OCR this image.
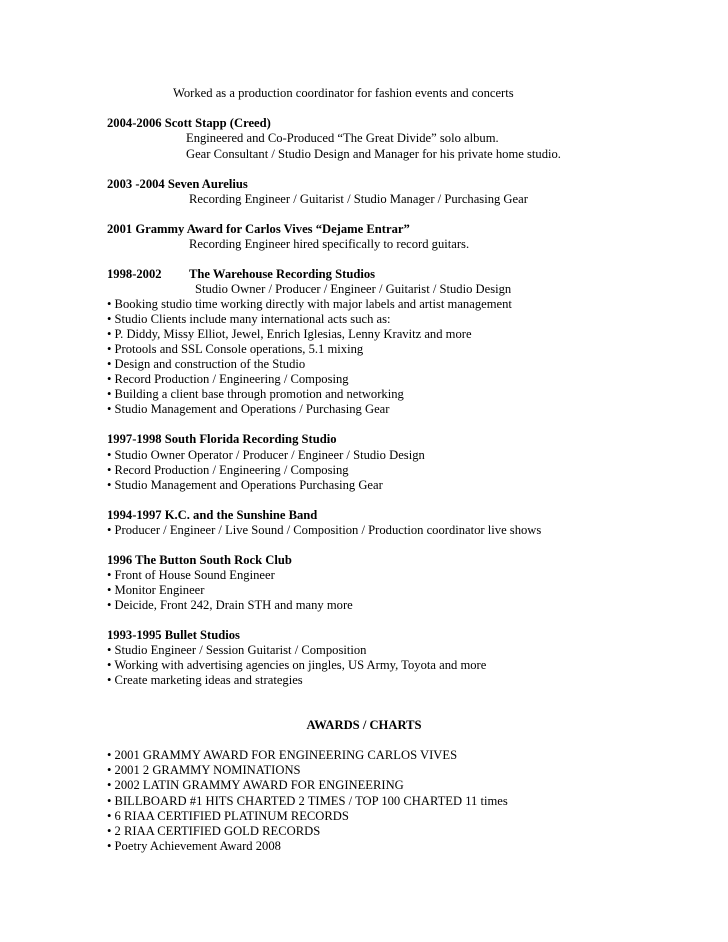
Worked as a production coordinator for fashion events and concerts
2004-2006 Scott Stapp (Creed)
Engineered and Co-Produced “The Great Divide” solo album.
Gear Consultant / Studio Design and Manager for his private home studio.
2003 -2004 Seven Aurelius
Recording Engineer / Guitarist / Studio Manager / Purchasing Gear
2001 Grammy Award for Carlos Vives “Dejame Entrar”
Recording Engineer hired specifically to record guitars.
1998-2002 The Warehouse Recording Studios
Studio Owner / Producer / Engineer / Guitarist / Studio Design
• Booking studio time working directly with major labels and artist management
• Studio Clients include many international acts such as:
• P. Diddy, Missy Elliot, Jewel, Enrich Iglesias, Lenny Kravitz and more
• Protools and SSL Console operations, 5.1 mixing
• Design and construction of the Studio
• Record Production / Engineering / Composing
• Building a client base through promotion and networking
• Studio Management and Operations / Purchasing Gear
1997-1998 South Florida Recording Studio
• Studio Owner Operator / Producer / Engineer / Studio Design
• Record Production / Engineering / Composing
• Studio Management and Operations Purchasing Gear
1994-1997 K.C. and the Sunshine Band
• Producer / Engineer / Live Sound / Composition / Production coordinator live shows
1996 The Button South Rock Club
• Front of House Sound Engineer
• Monitor Engineer
• Deicide, Front 242, Drain STH and many more
1993-1995 Bullet Studios
• Studio Engineer / Session Guitarist / Composition
• Working with advertising agencies on jingles, US Army, Toyota and more
• Create marketing ideas and strategies
AWARDS / CHARTS
• 2001 GRAMMY AWARD FOR ENGINEERING CARLOS VIVES
• 2001 2 GRAMMY NOMINATIONS
• 2002 LATIN GRAMMY AWARD FOR ENGINEERING
• BILLBOARD #1 HITS CHARTED 2 TIMES / TOP 100 CHARTED 11 times
• 6 RIAA CERTIFIED PLATINUM RECORDS
• 2 RIAA CERTIFIED GOLD RECORDS
• Poetry Achievement Award 2008
